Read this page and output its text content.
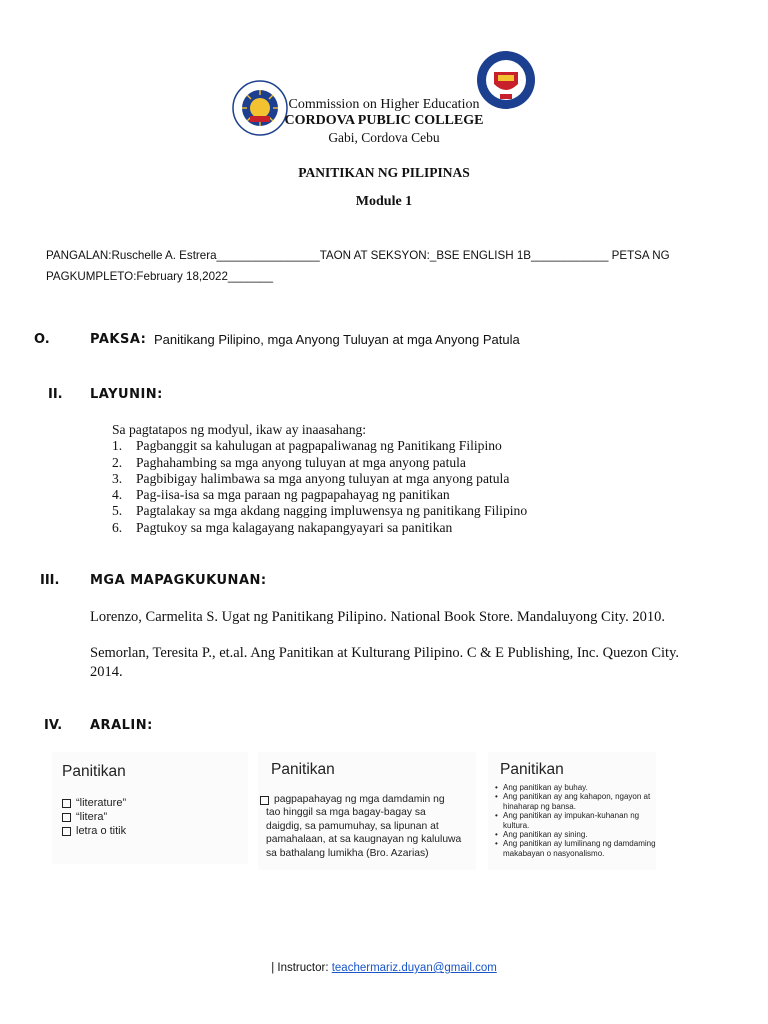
Commission on Higher Education
CORDOVA PUBLIC COLLEGE
Gabi, Cordova Cebu
PANITIKAN NG PILIPINAS
Module 1
PANGALAN:Ruschelle A. Estrera________________TAON AT SEKSYON:_BSE ENGLISH 1B____________ PETSA NG
PAGKUMPLETO:February 18,2022_______
O.	PAKSA: Panitikang Pilipino, mga Anyong Tuluyan at mga Anyong Patula
II. LAYUNIN:
Sa pagtatapos ng modyul, ikaw ay inaasahang:
1.	Pagbanggit sa kahulugan at pagpapaliwanag ng Panitikang Filipino
2.	Paghahambing sa mga anyong tuluyan at mga anyong patula
3.	Pagbibigay halimbawa sa mga anyong tuluyan at mga anyong patula
4.	Pag-iisa-isa sa mga paraan ng pagpapahayag ng panitikan
5.	Pagtalakay sa mga akdang nagging impluwensya ng panitikang Filipino
6.	Pagtukoy sa mga kalagayang nakapangyayari sa panitikan
III. MGA MAPAGKUKUNAN:
Lorenzo, Carmelita S. Ugat ng Panitikang Pilipino. National Book Store. Mandaluyong City. 2010.
Semorlan, Teresita P., et.al. Ang Panitikan at Kulturang Pilipino. C & E Publishing, Inc. Quezon City.
2014.
IV. ARALIN:
Panitikan
“literature”
“litera”
letra o titik
Panitikan
pagpapahayag ng mga damdamin ng
tao hinggil sa mga bagay-bagay sa
daigdig, sa pamumuhay, sa lipunan at
pamahalaan, at sa kaugnayan ng kaluluwa
sa bathalang lumikha (Bro. Azarias)
Panitikan
• Ang panitikan ay buhay.
• Ang panitikan ay ang kahapon, ngayon at
hinaharap ng bansa.
• Ang panitikan ay impukan-kuhanan ng kultura.
• Ang panitikan ay sining.
• Ang panitikan ay lumilinang ng damdaming
makabayan o nasyonalismo.
| Instructor: teachermariz.duyan@gmail.com
